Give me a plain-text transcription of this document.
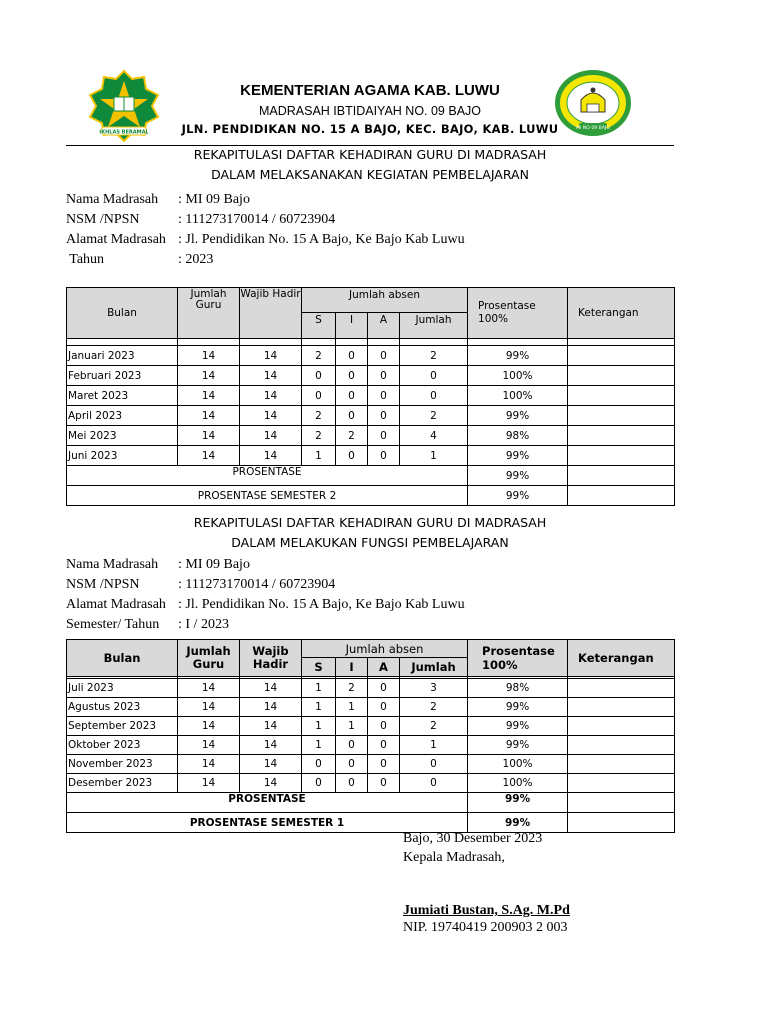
IKHLAS BERAMAL
MI NO 09 BAJO
KEMENTERIAN AGAMA KAB. LUWU
MADRASAH IBTIDAIYAH NO. 09 BAJO
JLN. PENDIDIKAN NO. 15 A BAJO, KEC. BAJO, KAB. LUWU
REKAPITULASI DAFTAR KEHADIRAN GURU DI MADRASAH
DALAM MELAKSANAKAN KEGIATAN PEMBELAJARAN
Nama Madrasah : MI 09 Bajo
NSM /NPSN	: 111273170014 / 60723904
Alamat Madrasah : Jl. Pendidikan No. 15 A Bajo, Ke Bajo Kab Luwu
Tahun	: 2023
Bulan	Jumlah Guru	Wajib Hadir	Jumlah absen				Prosentase 100%	Keterangan
			S	I	A	Jumlah		

Januari 2023	14	14	2	0	0	2	99%	
Februari 2023	14	14	0	0	0	0	100%	
Maret 2023	14	14	0	0	0	0	100%	
April 2023	14	14	2	0	0	2	99%	
Mei 2023	14	14	2	2	0	4	98%	
Juni 2023	14	14	1	0	0	1	99%	
PROSENTASE							99%	
PROSENTASE SEMESTER 2							99%	
REKAPITULASI DAFTAR KEHADIRAN GURU DI MADRASAH
DALAM MELAKUKAN FUNGSI PEMBELAJARAN
Nama Madrasah : MI 09 Bajo
NSM /NPSN	: 111273170014 / 60723904
Alamat Madrasah : Jl. Pendidikan No. 15 A Bajo, Ke Bajo Kab Luwu
Semester/ Tahun : I / 2023
Bulan	Jumlah Guru	Wajib Hadir	Jumlah absen				Prosentase 100%	Keterangan
			S	I	A	Jumlah		

Juli 2023	14	14	1	2	0	3	98%	
Agustus 2023	14	14	1	1	0	2	99%	
September 2023	14	14	1	1	0	2	99%	
Oktober 2023	14	14	1	0	0	1	99%	
November 2023	14	14	0	0	0	0	100%	
Desember 2023	14	14	0	0	0	0	100%	
PROSENTASE							99%	
PROSENTASE SEMESTER 1							99%	
Bajo, 30 Desember 2023
Kepala Madrasah,
Jumiati Bustan, S.Ag. M.Pd
NIP. 19740419 200903 2 003
